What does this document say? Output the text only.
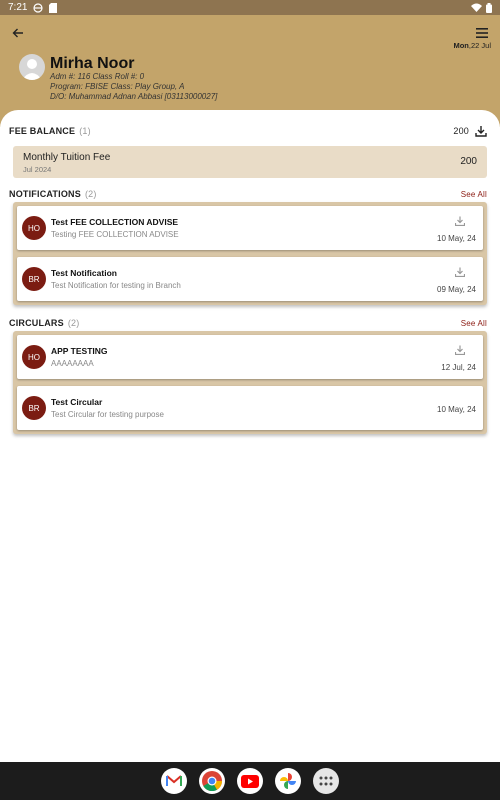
7:21
Mon,22 Jul
Mirha Noor
Adm #: 116 Class Roll #: 0
Program: FBISE Class: Play Group, A
D/O: Muhammad Adnan Abbasi [03113000027]
FEE BALANCE (1)	200
Monthly Tuition Fee
Jul 2024
200
NOTIFICATIONS (2)	See All
HO
Test FEE COLLECTION ADVISE
Testing FEE COLLECTION ADVISE	10 May, 24
BR
Test Notification
Test Notification for testing in Branch	09 May, 24
CIRCULARS (2)	See All
HO
APP TESTING
AAAAAAAA	12 Jul, 24
BR
Test Circular
Test Circular for testing purpose
10 May, 24
